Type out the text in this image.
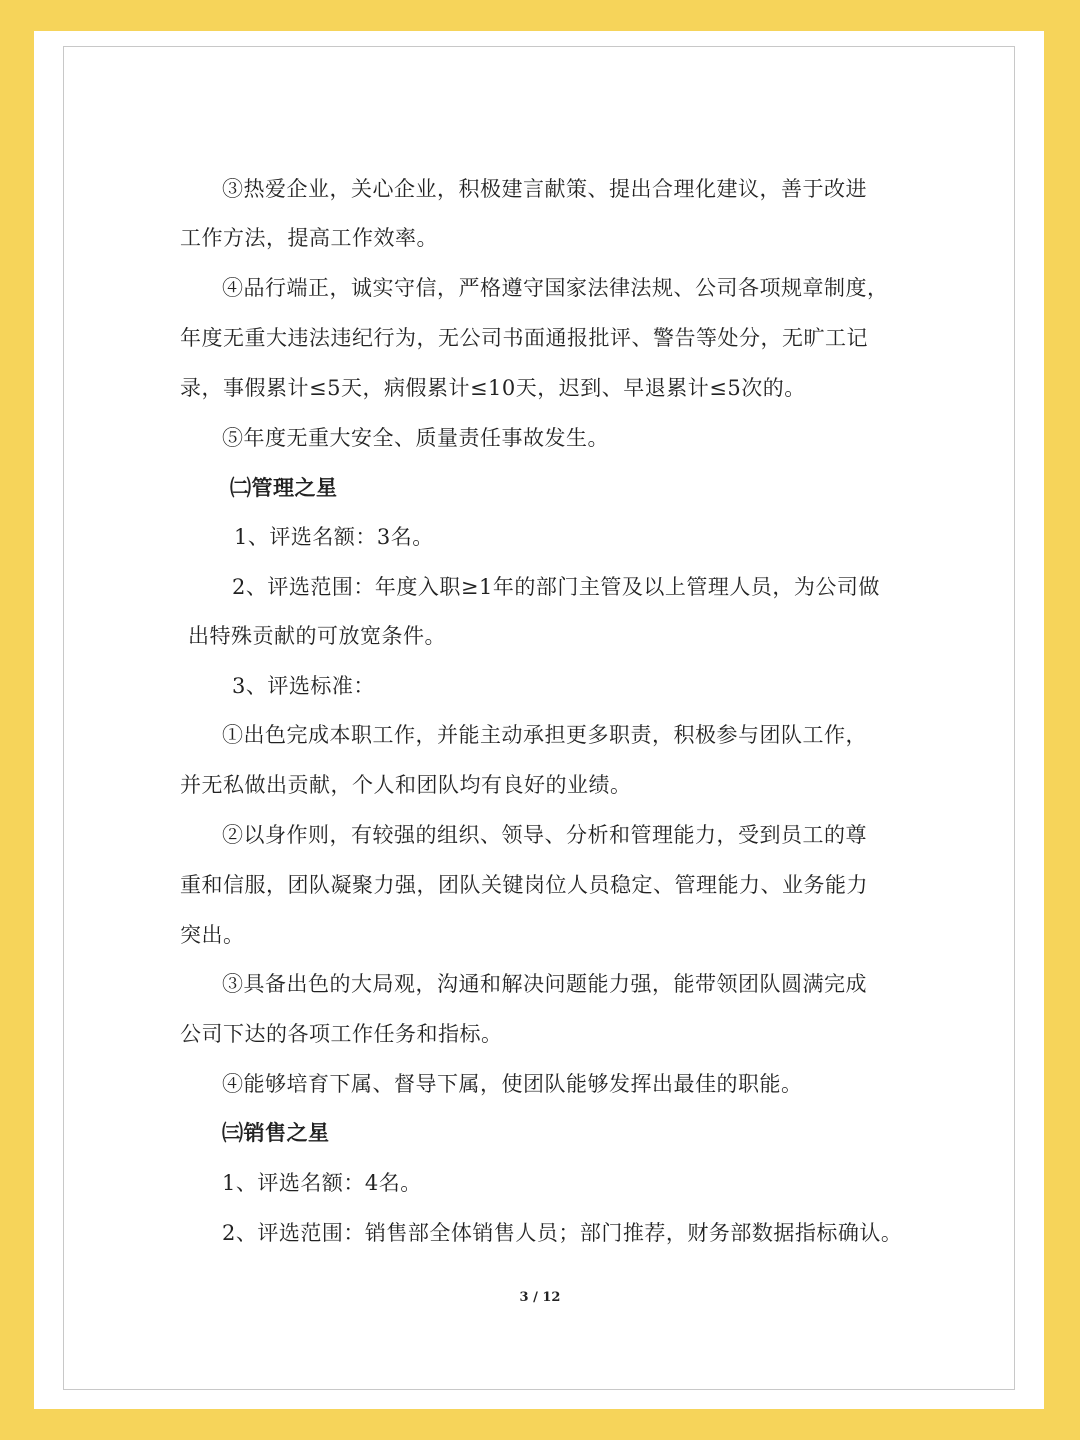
③热爱企业，关心企业，积极建言献策、提出合理化建议，善于改进
工作方法，提高工作效率。
④品行端正，诚实守信，严格遵守国家法律法规、公司各项规章制度，
年度无重大违法违纪行为，无公司书面通报批评、警告等处分，无旷工记
录，事假累计≤5天，病假累计≤10天，迟到、早退累计≤5次的。
⑤年度无重大安全、质量责任事故发生。
㈡管理之星
1、评选名额：3名。
2、评选范围：年度入职≥1年的部门主管及以上管理人员，为公司做
出特殊贡献的可放宽条件。
3、评选标准：
①出色完成本职工作，并能主动承担更多职责，积极参与团队工作，
并无私做出贡献，个人和团队均有良好的业绩。
②以身作则，有较强的组织、领导、分析和管理能力，受到员工的尊
重和信服，团队凝聚力强，团队关键岗位人员稳定、管理能力、业务能力
突出。
③具备出色的大局观，沟通和解决问题能力强，能带领团队圆满完成
公司下达的各项工作任务和指标。
④能够培育下属、督导下属，使团队能够发挥出最佳的职能。
㈢销售之星
1、评选名额：4名。
2、评选范围：销售部全体销售人员；部门推荐，财务部数据指标确认。
3 / 12
